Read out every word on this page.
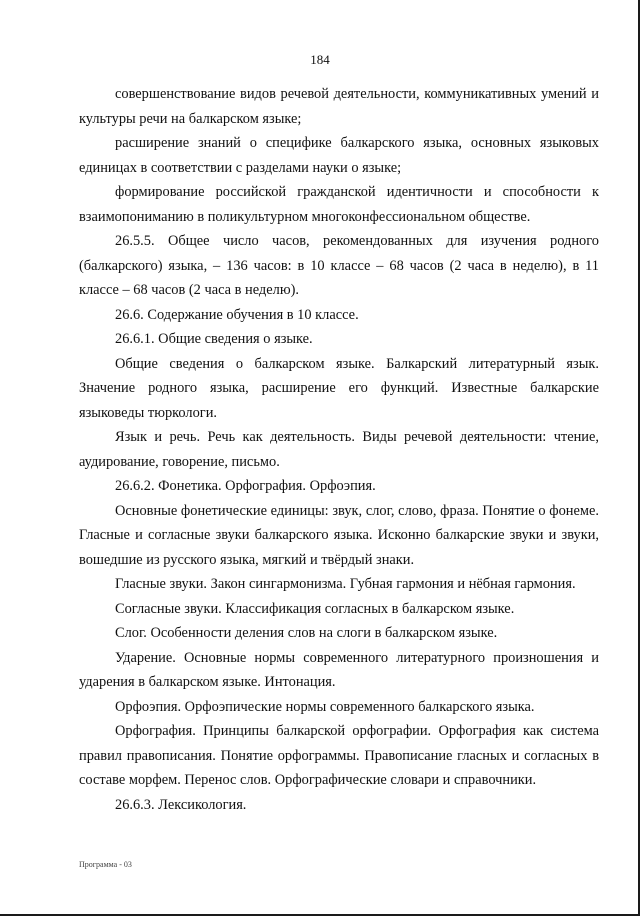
184

совершенствование видов речевой деятельности, коммуникативных умений и культуры речи на балкарском языке;

расширение знаний о специфике балкарского языка, основных языковых единицах в соответствии с разделами науки о языке;

формирование российской гражданской идентичности и способности к взаимопониманию в поликультурном многоконфессиональном обществе.

26.5.5. Общее число часов, рекомендованных для изучения родного (балкарского) языка, – 136 часов: в 10 классе – 68 часов (2 часа в неделю), в 11 классе – 68 часов (2 часа в неделю).

26.6. Содержание обучения в 10 классе.

26.6.1. Общие сведения о языке.

Общие сведения о балкарском языке. Балкарский литературный язык. Значение родного языка, расширение его функций. Известные балкарские языковеды тюркологи.

Язык и речь. Речь как деятельность. Виды речевой деятельности: чтение, аудирование, говорение, письмо.

26.6.2. Фонетика. Орфография. Орфоэпия.

Основные фонетические единицы: звук, слог, слово, фраза. Понятие о фонеме. Гласные и согласные звуки балкарского языка. Исконно балкарские звуки и звуки, вошедшие из русского языка, мягкий и твёрдый знаки.

Гласные звуки. Закон сингармонизма. Губная гармония и нёбная гармония.

Согласные звуки. Классификация согласных в балкарском языке.

Слог. Особенности деления слов на слоги в балкарском языке.

Ударение. Основные нормы современного литературного произношения и ударения в балкарском языке. Интонация.

Орфоэпия. Орфоэпические нормы современного балкарского языка.

Орфография. Принципы балкарской орфографии. Орфография как система правил правописания. Понятие орфограммы. Правописание гласных и согласных в составе морфем. Перенос слов. Орфографические словари и справочники.

26.6.3. Лексикология.

Программа - 03
